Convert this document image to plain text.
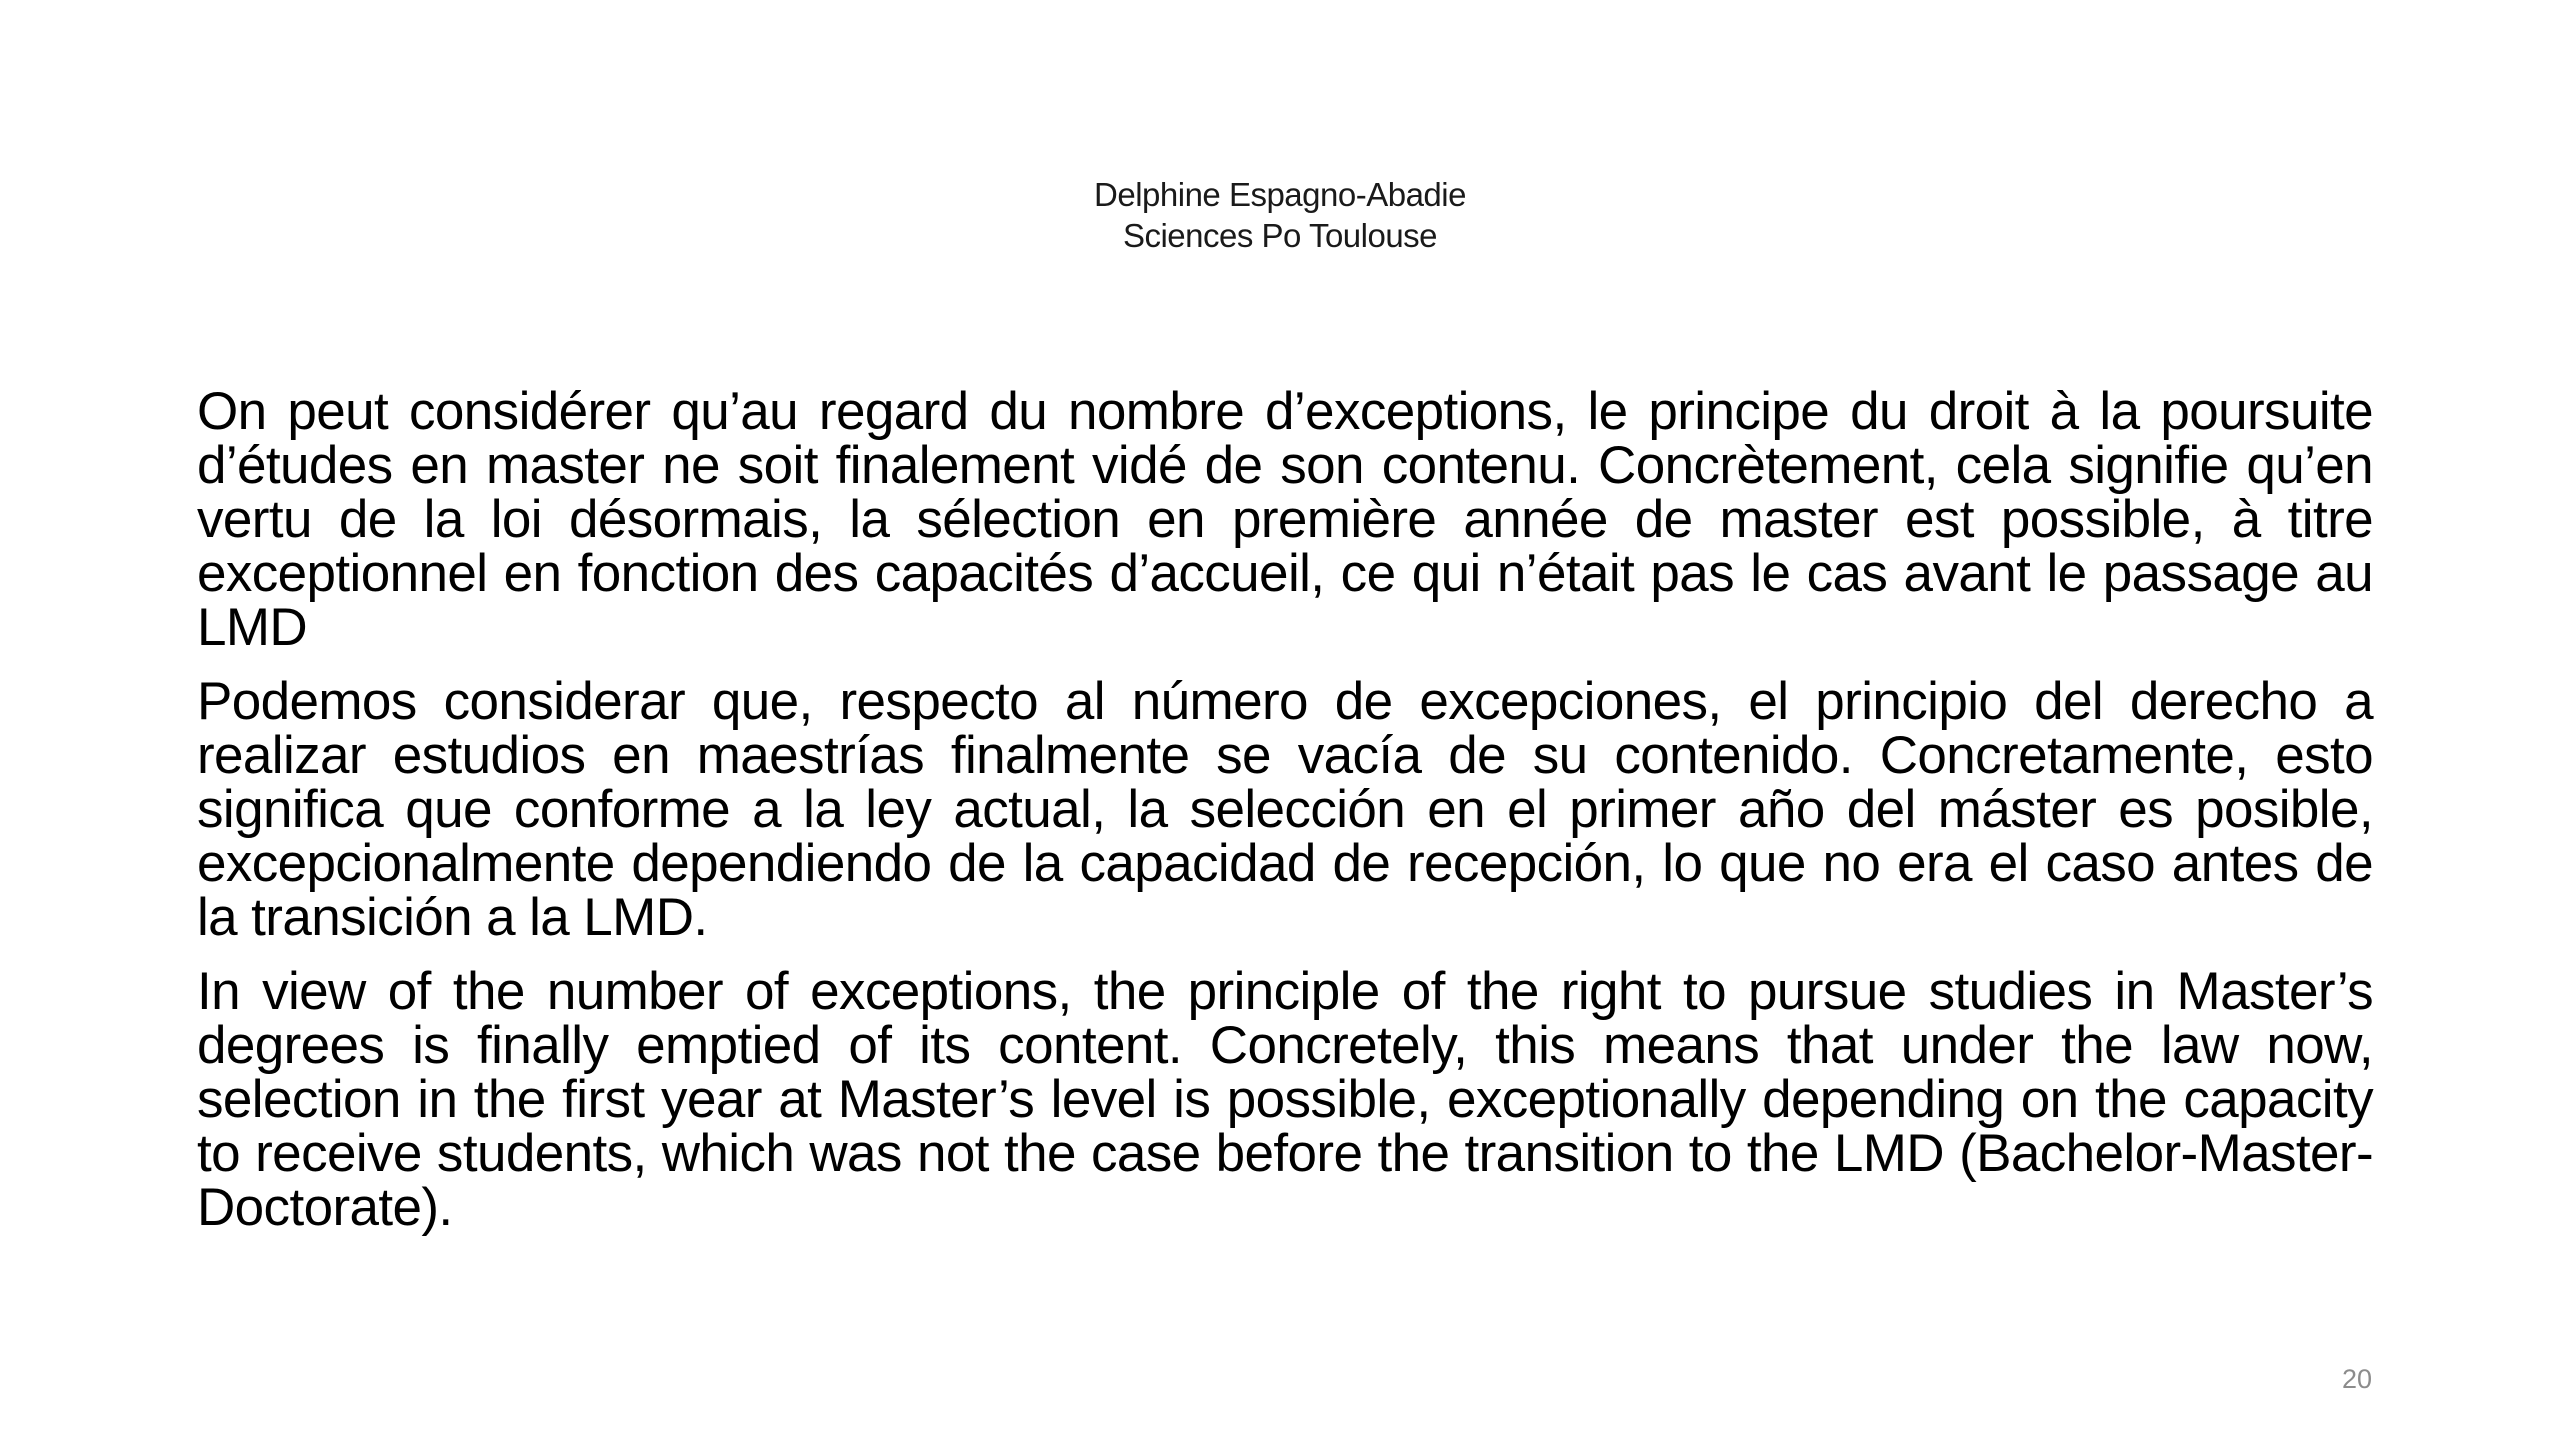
Delphine Espagno-Abadie
Sciences Po Toulouse

On peut considérer qu’au regard du nombre d’exceptions, le principe du droit à la poursuite d’études en master ne soit finalement vidé de son contenu. Concrètement, cela signifie qu’en vertu de la loi désormais, la sélection en première année de master est possible, à titre exceptionnel en fonction des capacités d’accueil, ce qui n’était pas le cas avant le passage au LMD

Podemos considerar que, respecto al número de excepciones, el principio del derecho a realizar estudios en maestrías finalmente se vacía de su contenido. Concretamente, esto significa que conforme a la ley actual, la selección en el primer año del máster es posible, excepcionalmente dependiendo de la capacidad de recepción, lo que no era el caso antes de la transición a la LMD.

In view of the number of exceptions, the principle of the right to pursue studies in Master’s degrees is finally emptied of its content. Concretely, this means that under the law now, selection in the first year at Master’s level is possible, exceptionally depending on the capacity to receive students, which was not the case before the transition to the LMD (Bachelor-Master-Doctorate).

20
